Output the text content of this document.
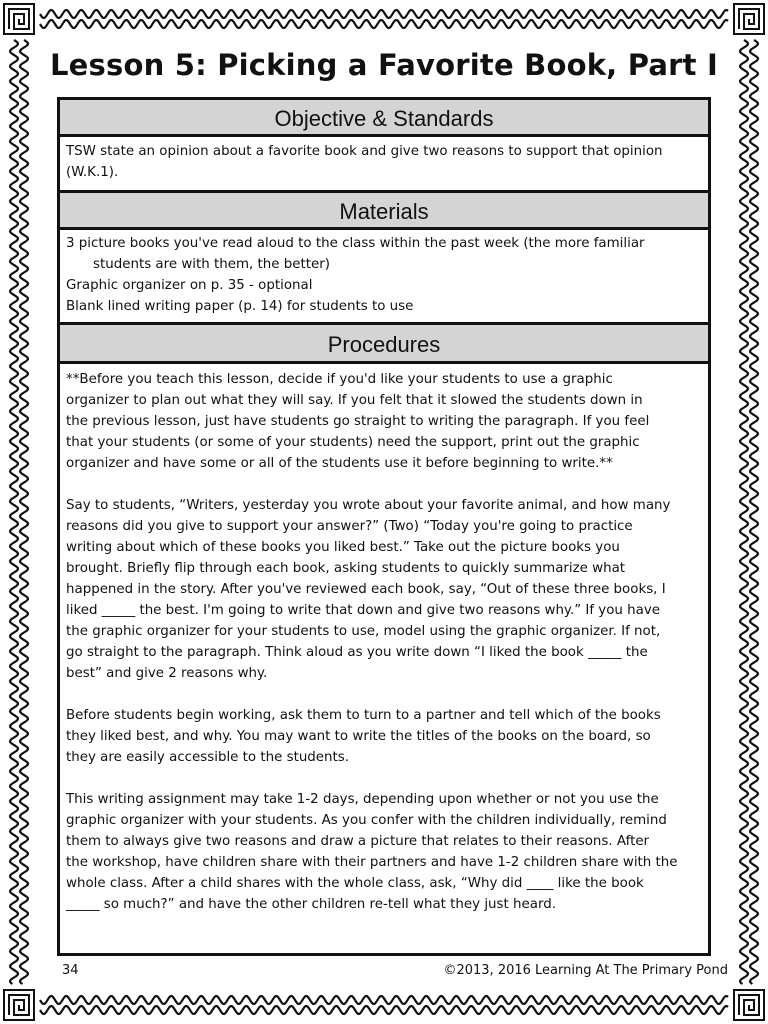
Lesson 5: Picking a Favorite Book, Part I
Objective & Standards

TSW state an opinion about a favorite book and give two reasons to support that opinion

(W.K.1).

Materials

3 picture books you've read aloud to the class within the past week (the more familiar

students are with them, the better)

Graphic organizer on p. 35 - optional

Blank lined writing paper (p. 14) for students to use

Procedures

**Before you teach this lesson, decide if you'd like your students to use a graphic

organizer to plan out what they will say. If you felt that it slowed the students down in

the previous lesson, just have students go straight to writing the paragraph. If you feel

that your students (or some of your students) need the support, print out the graphic

organizer and have some or all of the students use it before beginning to write.**

Say to students, “Writers, yesterday you wrote about your favorite animal, and how many

reasons did you give to support your answer?” (Two) “Today you're going to practice

writing about which of these books you liked best.” Take out the picture books you

brought. Briefly flip through each book, asking students to quickly summarize what

happened in the story. After you've reviewed each book, say, “Out of these three books, I

liked _____ the best. I'm going to write that down and give two reasons why.” If you have

the graphic organizer for your students to use, model using the graphic organizer. If not,

go straight to the paragraph. Think aloud as you write down “I liked the book _____ the

best” and give 2 reasons why.

Before students begin working, ask them to turn to a partner and tell which of the books

they liked best, and why. You may want to write the titles of the books on the board, so

they are easily accessible to the students.

This writing assignment may take 1-2 days, depending upon whether or not you use the

graphic organizer with your students. As you confer with the children individually, remind

them to always give two reasons and draw a picture that relates to their reasons. After

the workshop, have children share with their partners and have 1-2 children share with the

whole class. After a child shares with the whole class, ask, “Why did ____ like the book

_____ so much?” and have the other children re-tell what they just heard.

34	©2013, 2016 Learning At The Primary Pond
